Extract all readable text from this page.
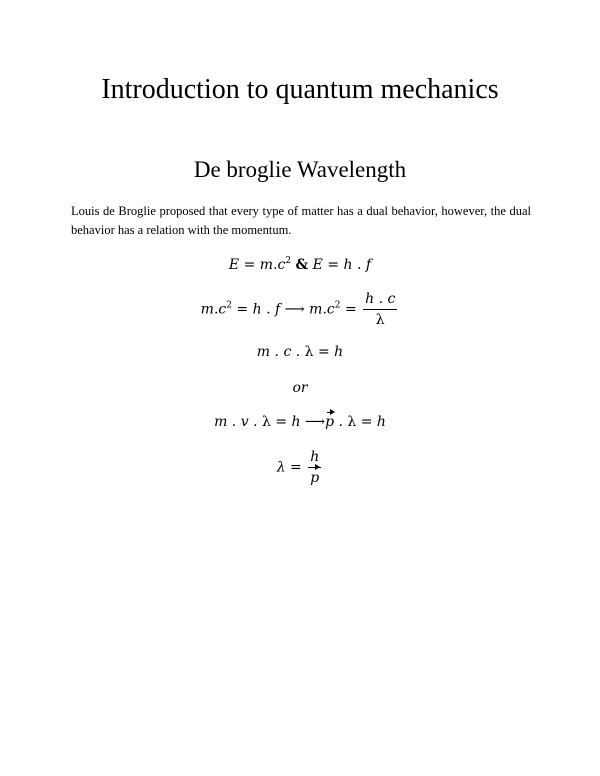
Introduction to quantum mechanics
De broglie Wavelength
Louis de Broglie proposed that every type of matter has a dual behavior, however, the dual behavior has a relation with the momentum.
$E = m.c^2$ & E = h . f
$m.c^2 = h$ . f ⟶ $m.c^2 = \frac{h . c}{\lambda}$
m . c . λ = h
or
m . v . λ = h ⟶p . λ = h
$\lambda = \frac{h}{p}$
